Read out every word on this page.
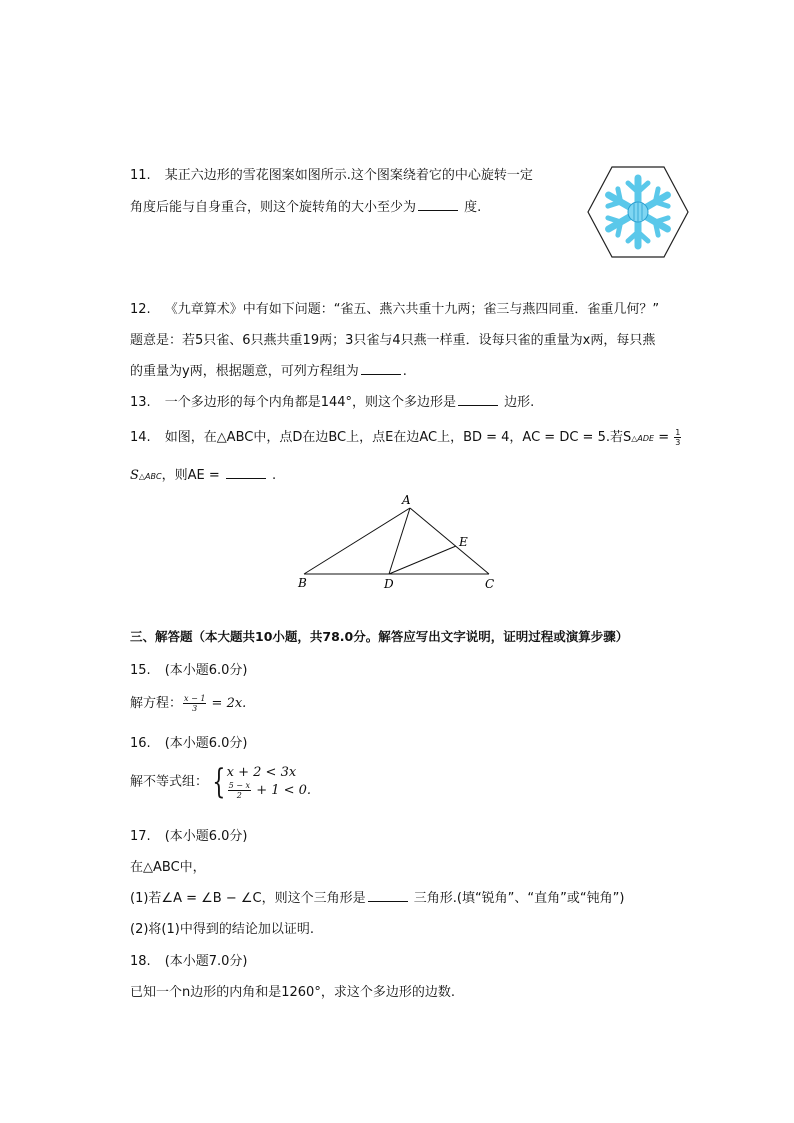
11. 某正六边形的雪花图案如图所示.这个图案绕着它的中心旋转一定
角度后能与自身重合，则这个旋转角的大小至少为	度.
12. 《九章算术》中有如下问题：“雀五、燕六共重十九两；雀三与燕四同重．雀重几何？”
题意是：若5只雀、6只燕共重19两；3只雀与4只燕一样重．设每只雀的重量为x两，每只燕
的重量为y两，根据题意，可列方程组为	.
13. 一个多边形的每个内角都是144°，则这个多边形是	边形.
14. 如图，在△ABC中，点D在边BC上，点E在边AC上，BD = 4，AC = DC = 5.若S△ADE = $\frac{1}{3}$
S△ABC，则AE =	.
A
B	C
D
E
三、解答题（本大题共10小题，共78.0分。解答应写出文字说明，证明过程或演算步骤）
15. (本小题6.0分)
解方程： $\frac{x - 1}{3} = 2x$.
16. (本小题6.0分)
解不等式组： { x + 2 < 3x
$\frac{5 - x}{2} + 1 < 0$.
17. (本小题6.0分)
在△ABC中，
(1)若∠A = ∠B − ∠C，则这个三角形是	三角形.(填“锐角”、“直角”或“钝角”)
(2)将(1)中得到的结论加以证明.
18. (本小题7.0分)
已知一个n边形的内角和是1260°，求这个多边形的边数.
